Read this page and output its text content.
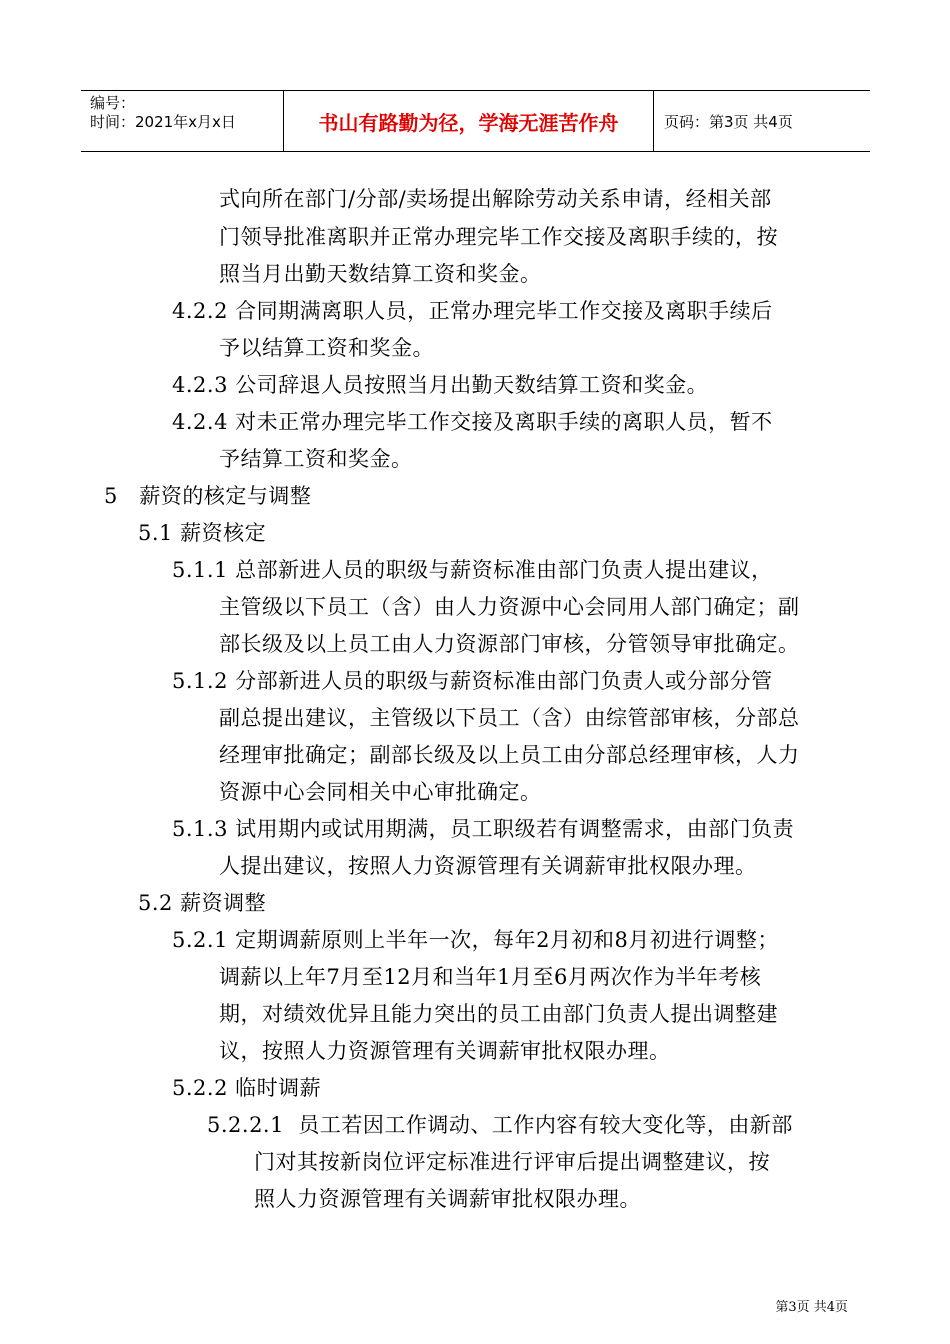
编号：
时间：2021年x月x日	书山有路勤为径，学海无涯苦作舟	页码：第3页 共4页
式向所在部门/分部/卖场提出解除劳动关系申请，经相关部
门领导批准离职并正常办理完毕工作交接及离职手续的，按
照当月出勤天数结算工资和奖金。
4.2.2 合同期满离职人员，正常办理完毕工作交接及离职手续后
予以结算工资和奖金。
4.2.3 公司辞退人员按照当月出勤天数结算工资和奖金。
4.2.4 对未正常办理完毕工作交接及离职手续的离职人员，暂不
予结算工资和奖金。
5   薪资的核定与调整
5.1 薪资核定
5.1.1 总部新进人员的职级与薪资标准由部门负责人提出建议，
主管级以下员工（含）由人力资源中心会同用人部门确定；副
部长级及以上员工由人力资源部门审核，分管领导审批确定。
5.1.2 分部新进人员的职级与薪资标准由部门负责人或分部分管
副总提出建议，主管级以下员工（含）由综管部审核，分部总
经理审批确定；副部长级及以上员工由分部总经理审核，人力
资源中心会同相关中心审批确定。
5.1.3 试用期内或试用期满，员工职级若有调整需求，由部门负责
人提出建议，按照人力资源管理有关调薪审批权限办理。
5.2 薪资调整
5.2.1 定期调薪原则上半年一次，每年2月初和8月初进行调整；
调薪以上年7月至12月和当年1月至6月两次作为半年考核
期，对绩效优异且能力突出的员工由部门负责人提出调整建
议，按照人力资源管理有关调薪审批权限办理。
5.2.2 临时调薪
5.2.2.1  员工若因工作调动、工作内容有较大变化等，由新部
门对其按新岗位评定标准进行评审后提出调整建议，按
照人力资源管理有关调薪审批权限办理。
第3页 共4页
